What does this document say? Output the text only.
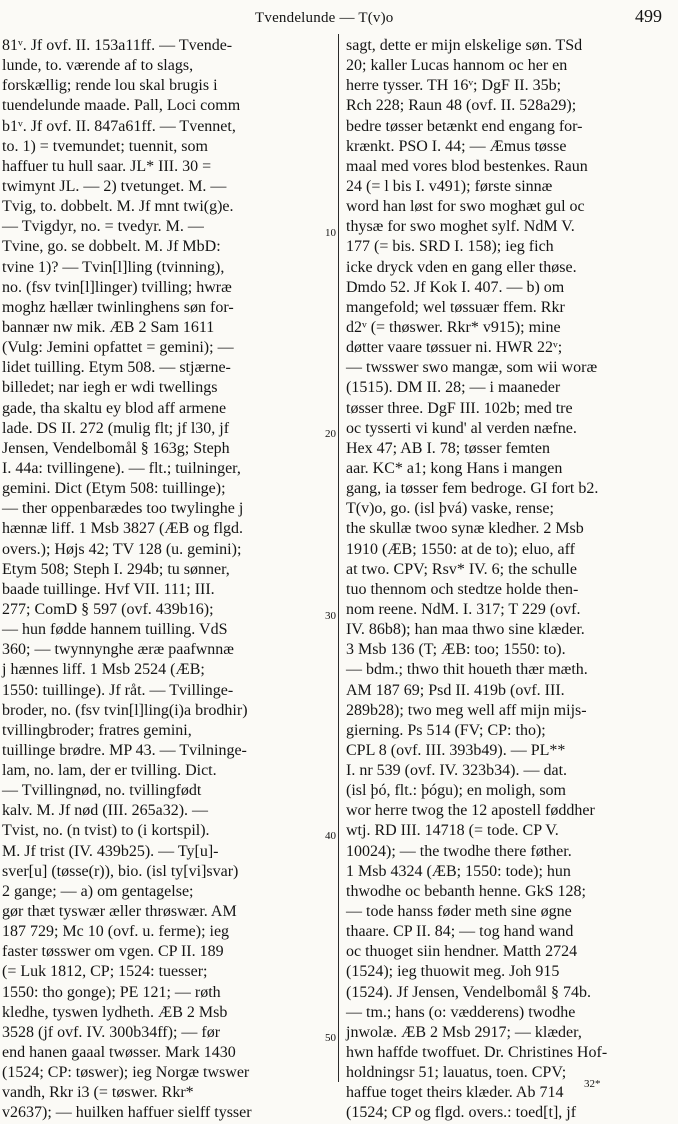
Tvendelunde — T(v)o	499
81ᵛ. Jf ovf. II. 153a11ff. — Tvende-
lunde, to. værende af to slags,
forskællig; rende lou skal brugis i
tuendelunde maade. Pall, Loci comm
b1ᵛ. Jf ovf. II. 847a61ff. — Tvennet,
to. 1) = tvemundet; tuennit, som
haffuer tu hull saar. JL* III. 30 =
twimynt JL. — 2) tvetunget. M. —
Tvig, to. dobbelt. M. Jf mnt twi(g)e.
— Tvigdyr, no. = tvedyr. M. —
Tvine, go. se dobbelt. M. Jf MbD:
tvine 1)? — Tvin[l]ling (tvinning),
no. (fsv tvin[l]linger) tvilling; hwræ
moghz hællær twinlinghens søn for-
bannær nw mik. ÆB 2 Sam 1611
(Vulg: Jemini opfattet = gemini); —
lidet tuilling. Etym 508. — stjærne-
billedet; nar iegh er wdi twellings
gade, tha skaltu ey blod aff armene
lade. DS II. 272 (mulig flt; jf l30, jf
Jensen, Vendelbomål § 163g; Steph
I. 44a: tvillingene). — flt.; tuilninger,
gemini. Dict (Etym 508: tuillinge);
— ther oppenbarædes too twylinghe j
hænnæ liff. 1 Msb 3827 (ÆB og flgd.
overs.); Højs 42; TV 128 (u. gemini);
Etym 508; Steph I. 294b; tu sønner,
baade tuillinge. Hvf VII. 111; III.
277; ComD § 597 (ovf. 439b16);
— hun fødde hannem tuilling. VdS
360; — twynnynghe æræ paafwnnæ
j hænnes liff. 1 Msb 2524 (ÆB;
1550: tuillinge). Jf råt. — Tvillinge-
broder, no. (fsv tvin[l]ling(i)a brodhir)
tvillingbroder; fratres gemini,
tuillinge brødre. MP 43. — Tvilninge-
lam, no. lam, der er tvilling. Dict.
— Tvillingnød, no. tvillingfødt
kalv. M. Jf nød (III. 265a32). —
Tvist, no. (n tvist) to (i kortspil).
M. Jf trist (IV. 439b25). — Ty[u]-
sver[u] (tøsse(r)), bio. (isl ty[vi]svar)
2 gange; — a) om gentagelse;
gør thæt tyswær æller thrøswær. AM
187 729; Mc 10 (ovf. u. ferme); ieg
faster tøsswer om vgen. CP II. 189
(= Luk 1812, CP; 1524: tuesser;
1550: tho gonge); PE 121; — røth
kledhe, tyswen lydheth. ÆB 2 Msb
3528 (jf ovf. IV. 300b34ff); — før
end hanen gaaal twøsser. Mark 1430
(1524; CP: tøswer); ieg Norgæ twswer
vandh, Rkr i3 (= tøswer. Rkr*
v2637); — huilken haffuer sielff tysser
sagt, dette er mijn elskelige søn. TSd
20; kaller Lucas hannom oc her en
herre tysser. TH 16ᵛ; DgF II. 35b;
Rch 228; Raun 48 (ovf. II. 528a29);
bedre tøsser betænkt end engang for-
krænkt. PSO I. 44; — Æmus tøsse
maal med vores blod bestenkes. Raun
24 (= l bis I. v491); første sinnæ
word han løst for swo moghæt gul oc
thysæ for swo moghet sylf. NdM V.
177 (= bis. SRD I. 158); ieg fich
icke dryck vden en gang eller thøse.
Dmdo 52. Jf Kok I. 407. — b) om
mangefold; wel tøssuær ffem. Rkr
d2ᵛ (= thøswer. Rkr* v915); mine
døtter vaare tøssuer ni. HWR 22ᵛ;
— twsswer swo mangæ, som wii woræ
(1515). DM II. 28; — i maaneder
tøsser three. DgF III. 102b; med tre
oc tysserti vi kund' al verden næfne.
Hex 47; AB I. 78; tøsser femten
aar. KC* a1; kong Hans i mangen
gang, ia tøsser fem bedroge. GI fort b2.
T(v)o, go. (isl þvá) vaske, rense;
the skullæ twoo synæ kledher. 2 Msb
1910 (ÆB; 1550: at de to); eluo, aff
at two. CPV; Rsv* IV. 6; the schulle
tuo thennom och stedtze holde then-
nom reene. NdM. I. 317; T 229 (ovf.
IV. 86b8); han maa thwo sine klæder.
3 Msb 136 (T; ÆB: too; 1550: to).
— bdm.; thwo thit houeth thær mæth.
AM 187 69; Psd II. 419b (ovf. III.
289b28); two meg well aff mijn mijs-
gierning. Ps 514 (FV; CP: tho);
CPL 8 (ovf. III. 393b49). — PL**
I. nr 539 (ovf. IV. 323b34). — dat.
(isl þó, flt.: þógu); en moligh, som
wor herre twog the 12 apostell føddher
wtj. RD III. 14718 (= tode. CP V.
10024); — the twodhe there føther.
1 Msb 4324 (ÆB; 1550: tode); hun
thwodhe oc bebanth henne. GkS 128;
— tode hanss føder meth sine øgne
thaare. CP II. 84; — tog hand wand
oc thuoget siin hendner. Matth 2724
(1524); ieg thuowit meg. Joh 915
(1524). Jf Jensen, Vendelbomål § 74b.
— tm.; hans (o: vædderens) twodhe
jnwolæ. ÆB 2 Msb 2917; — klæder,
hwn haffde twoffuet. Dr. Christines Hof-
holdningsr 51; lauatus, toen. CPV;
haffue toget theirs klæder. Ab 714
(1524; CP og flgd. overs.: toed[t], jf
10
20
30
40
50
32*
